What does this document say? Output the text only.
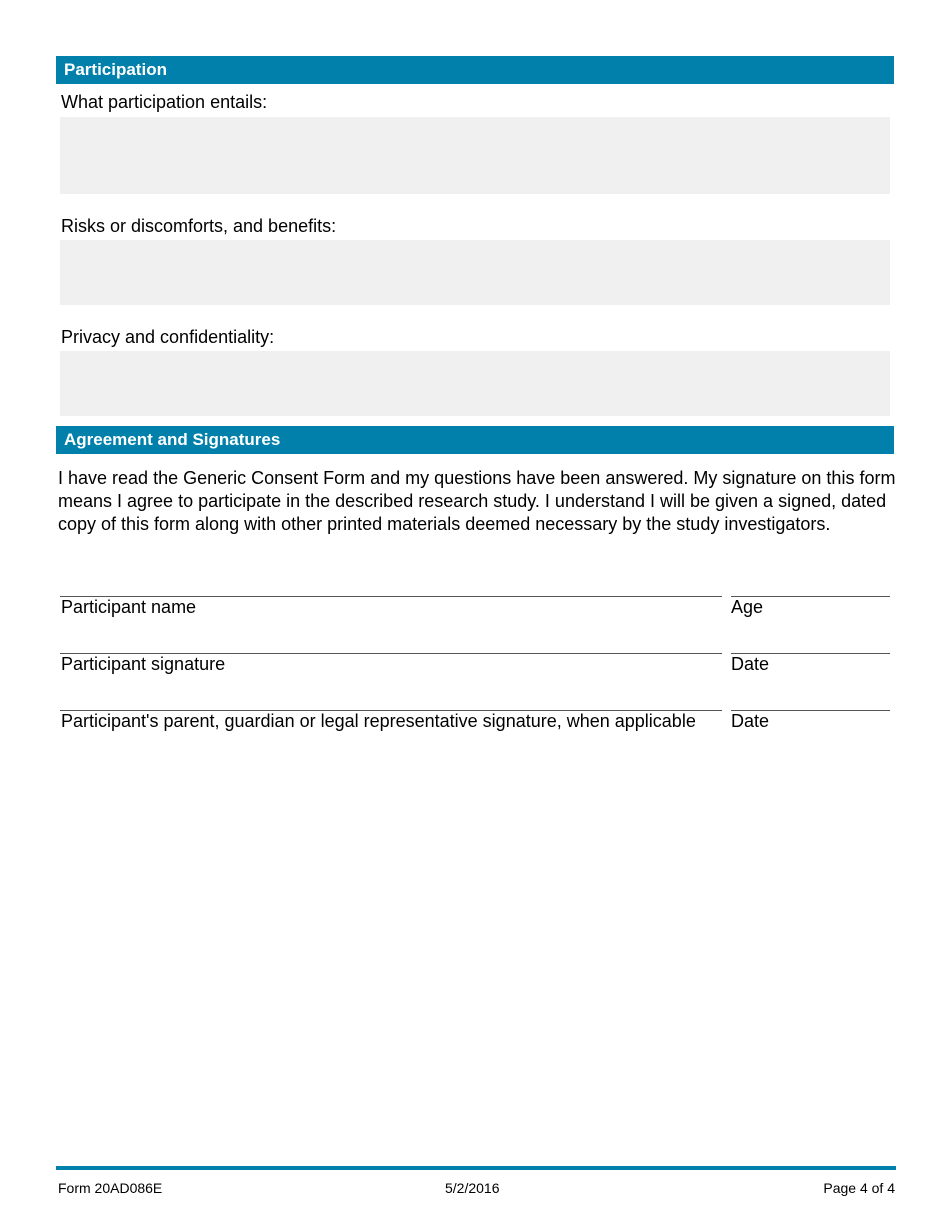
Participation
What participation entails:
Risks or discomforts, and benefits:
Privacy and confidentiality:
Agreement and Signatures
I have read the Generic Consent Form and my questions have been answered. My signature on this form means I agree to participate in the described research study. I understand I will be given a signed, dated copy of this form along with other printed materials deemed necessary by the study investigators.
Participant name	Age
Participant signature	Date
Participant's parent, guardian or legal representative signature, when applicable Date
Form 20AD086E	5/2/2016	Page 4 of 4
